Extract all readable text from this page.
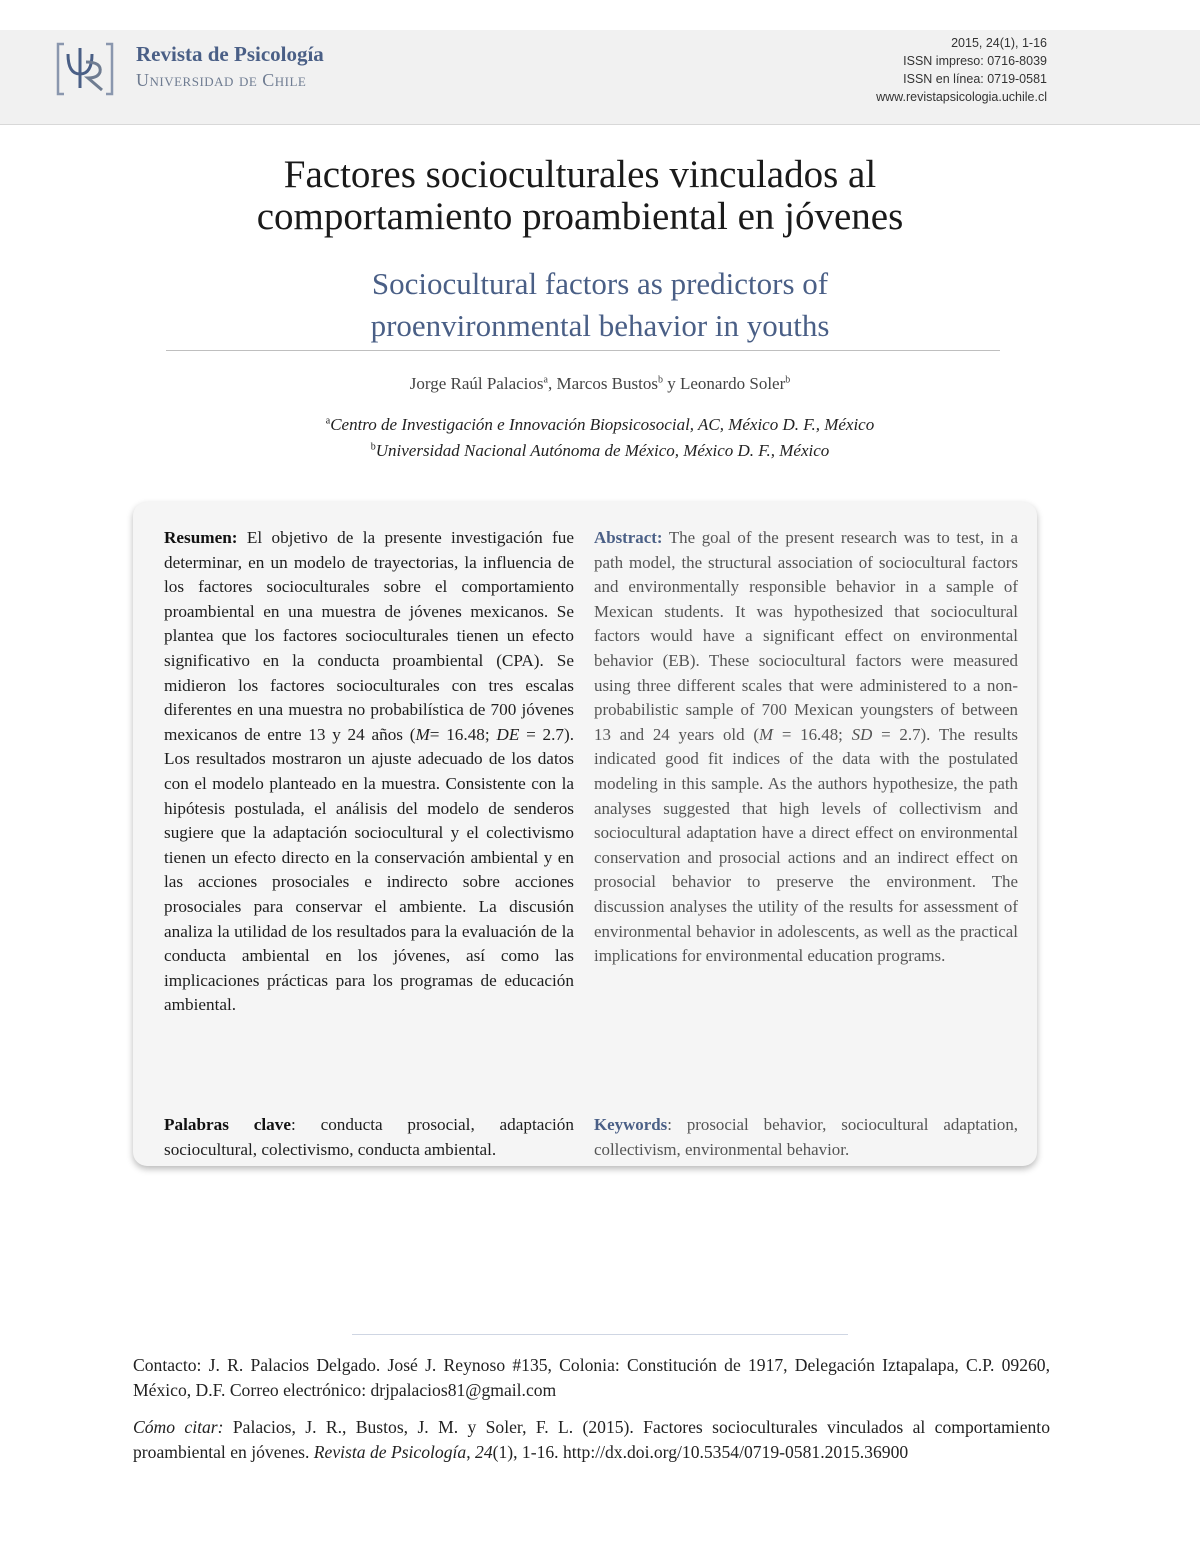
Revista de Psicología
Universidad de Chile
2015, 24(1), 1-16
ISSN impreso: 0716-8039
ISSN en línea: 0719-0581
www.revistapsicologia.uchile.cl
Factores socioculturales vinculados al
comportamiento proambiental en jóvenes
Sociocultural factors as predictors of
proenvironmental behavior in youths
Jorge Raúl Palacios$^a$, Marcos Bustos$^b$ y Leonardo Soler$^b$
$^a$Centro de Investigación e Innovación Biopsicosocial, AC, México D. F., México
$^b$Universidad Nacional Autónoma de México, México D. F., México
Resumen: El objetivo de la presente investigación fue determinar, en un modelo de trayectorias, la influencia de los factores socioculturales sobre el comportamiento proambiental en una muestra de jóvenes mexicanos. Se plantea que los factores socioculturales tienen un efecto significativo en la conducta proambiental (CPA). Se midieron los factores socioculturales con tres escalas diferentes en una muestra no probabilística de 700 jóvenes mexicanos de entre 13 y 24 años (M= 16.48; DE = 2.7). Los resultados mostraron un ajuste adecuado de los datos con el modelo planteado en la muestra. Consistente con la hipótesis postulada, el análisis del modelo de senderos sugiere que la adaptación sociocultural y el colectivismo tienen un efecto directo en la conservación ambiental y en las acciones prosociales e indirecto sobre acciones prosociales para conservar el ambiente. La discusión analiza la utilidad de los resultados para la evaluación de la conducta ambiental en los jóvenes, así como las implicaciones prácticas para los programas de educación ambiental.
Abstract: The goal of the present research was to test, in a path model, the structural association of sociocultural factors and environmentally responsible behavior in a sample of Mexican students. It was hypothesized that sociocultural factors would have a significant effect on environmental behavior (EB). These sociocultural factors were measured using three different scales that were administered to a non-probabilistic sample of 700 Mexican youngsters of between 13 and 24 years old (M = 16.48; SD = 2.7). The results indicated good fit indices of the data with the postulated modeling in this sample. As the authors hypothesize, the path analyses suggested that high levels of collectivism and sociocultural adaptation have a direct effect on environmental conservation and prosocial actions and an indirect effect on prosocial behavior to preserve the environment. The discussion analyses the utility of the results for assessment of environmental behavior in adolescents, as well as the practical implications for environmental education programs.
Palabras clave: conducta prosocial, adaptación sociocultural, colectivismo, conducta ambiental.
Keywords: prosocial behavior, sociocultural adaptation, collectivism, environmental behavior.
Contacto: J. R. Palacios Delgado. José J. Reynoso #135, Colonia: Constitución de 1917, Delegación Iztapalapa, C.P. 09260, México, D.F. Correo electrónico: drjpalacios81@gmail.com
Cómo citar: Palacios, J. R., Bustos, J. M. y Soler, F. L. (2015). Factores socioculturales vinculados al comportamiento proambiental en jóvenes. Revista de Psicología, 24(1), 1-16. http://dx.doi.org/10.5354/0719-0581.2015.36900
